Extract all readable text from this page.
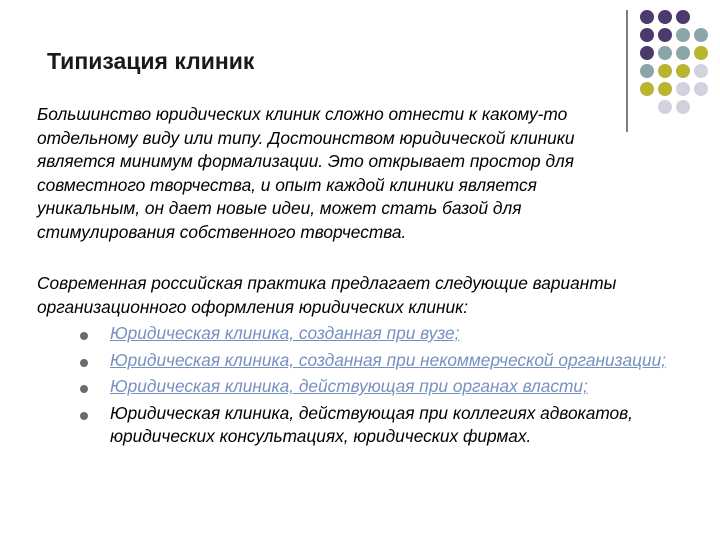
Типизация клиник

Большинство юридических клиник сложно отнести к какому-то отдельному виду или типу. Достоинством юридической клиники является минимум формализации. Это открывает простор для совместного творчества, и опыт каждой клиники является уникальным, он дает новые идеи, может стать базой для стимулирования собственного творчества.

Современная российская практика предлагает следующие варианты организационного оформления юридических клиник:

Юридическая клиника, созданная при вузе;
Юридическая клиника, созданная при некоммерческой организации;
Юридическая клиника, действующая при органах власти;
Юридическая клиника, действующая при коллегиях адвокатов, юридических консультациях, юридических фирмах.
